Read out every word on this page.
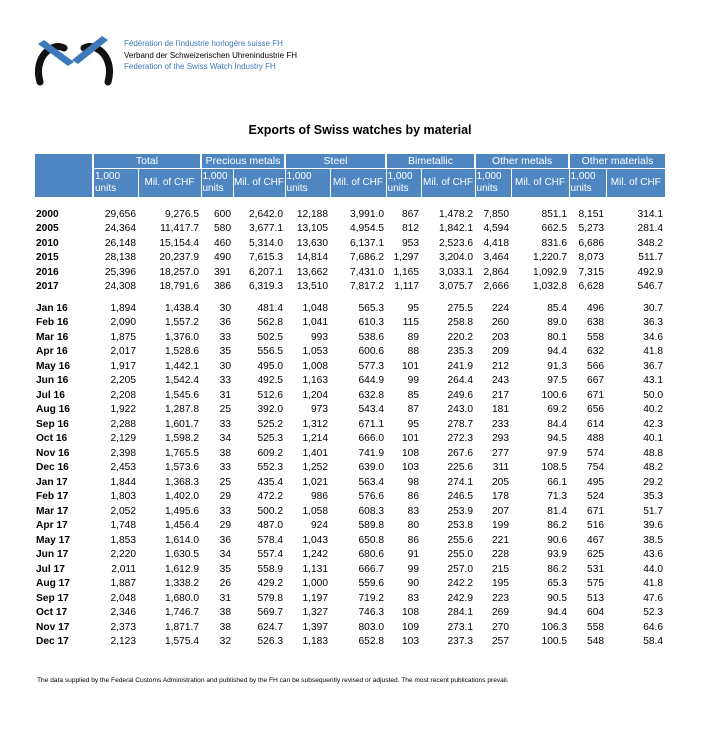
Fédération de l'industrie horlogère suisse FH
Verband der Schweizerischen Uhrenindustrie FH
Federation of the Swiss Watch Industry FH
Exports of Swiss watches by material
	Total		Precious metals		Steel		Bimetallic		Other metals		Other materials	
	1,000 units	Mil. of CHF	1,000 units	Mil. of CHF	1,000 units	Mil. of CHF	1,000 units	Mil. of CHF	1,000 units	Mil. of CHF	1,000 units	Mil. of CHF

2000	29,656	9,276.5	600	2,642.0	12,188	3,991.0	867	1,478.2	7,850	851.1	8,151	314.1
2005	24,364	11,417.7	580	3,677.1	13,105	4,954.5	812	1,842.1	4,594	662.5	5,273	281.4
2010	26,148	15,154.4	460	5,314.0	13,630	6,137.1	953	2,523.6	4,418	831.6	6,686	348.2
2015	28,138	20,237.9	490	7,615.3	14,814	7,686.2	1,297	3,204.0	3,464	1,220.7	8,073	511.7
2016	25,396	18,257.0	391	6,207.1	13,662	7,431.0	1,165	3,033.1	2,864	1,092.9	7,315	492.9
2017	24,308	18,791.6	386	6,319.3	13,510	7,817.2	1,117	3,075.7	2,666	1,032.8	6,628	546.7

Jan 16	1,894	1,438.4	30	481.4	1,048	565.3	95	275.5	224	85.4	496	30.7
Feb 16	2,090	1,557.2	36	562.8	1,041	610.3	115	258.8	260	89.0	638	36.3
Mar 16	1,875	1,376.0	33	502.5	993	538.6	89	220.2	203	80.1	558	34.6
Apr 16	2,017	1,528.6	35	556.5	1,053	600.6	88	235.3	209	94.4	632	41.8
May 16	1,917	1,442.1	30	495.0	1,008	577.3	101	241.9	212	91.3	566	36.7
Jun 16	2,205	1,542.4	33	492.5	1,163	644.9	99	264.4	243	97.5	667	43.1
Jul 16	2,208	1,545.6	31	512.6	1,204	632.8	85	249.6	217	100.6	671	50.0
Aug 16	1,922	1,287.8	25	392.0	973	543.4	87	243.0	181	69.2	656	40.2
Sep 16	2,288	1,601.7	33	525.2	1,312	671.1	95	278.7	233	84.4	614	42.3
Oct 16	2,129	1,598.2	34	525.3	1,214	666.0	101	272.3	293	94.5	488	40.1
Nov 16	2,398	1,765.5	38	609.2	1,401	741.9	108	267.6	277	97.9	574	48.8
Dec 16	2,453	1,573.6	33	552.3	1,252	639.0	103	225.6	311	108.5	754	48.2
Jan 17	1,844	1,368.3	25	435.4	1,021	563.4	98	274.1	205	66.1	495	29.2
Feb 17	1,803	1,402.0	29	472.2	986	576.6	86	246.5	178	71.3	524	35.3
Mar 17	2,052	1,495.6	33	500.2	1,058	608.3	83	253.9	207	81.4	671	51.7
Apr 17	1,748	1,456.4	29	487.0	924	589.8	80	253.8	199	86.2	516	39.6
May 17	1,853	1,614.0	36	578.4	1,043	650.8	86	255.6	221	90.6	467	38.5
Jun 17	2,220	1,630.5	34	557.4	1,242	680.6	91	255.0	228	93.9	625	43.6
Jul 17	2,011	1,612.9	35	558.9	1,131	666.7	99	257.0	215	86.2	531	44.0
Aug 17	1,887	1,338.2	26	429.2	1,000	559.6	90	242.2	195	65.3	575	41.8
Sep 17	2,048	1,680.0	31	579.8	1,197	719.2	83	242.9	223	90.5	513	47.6
Oct 17	2,346	1,746.7	38	569.7	1,327	746.3	108	284.1	269	94.4	604	52.3
Nov 17	2,373	1,871.7	38	624.7	1,397	803.0	109	273.1	270	106.3	558	64.6
Dec 17	2,123	1,575.4	32	526.3	1,183	652.8	103	237.3	257	100.5	548	58.4
The data supplied by the Federal Customs Administration and published by the FH can be subsequently revised or adjusted. The most recent publications prevail.
